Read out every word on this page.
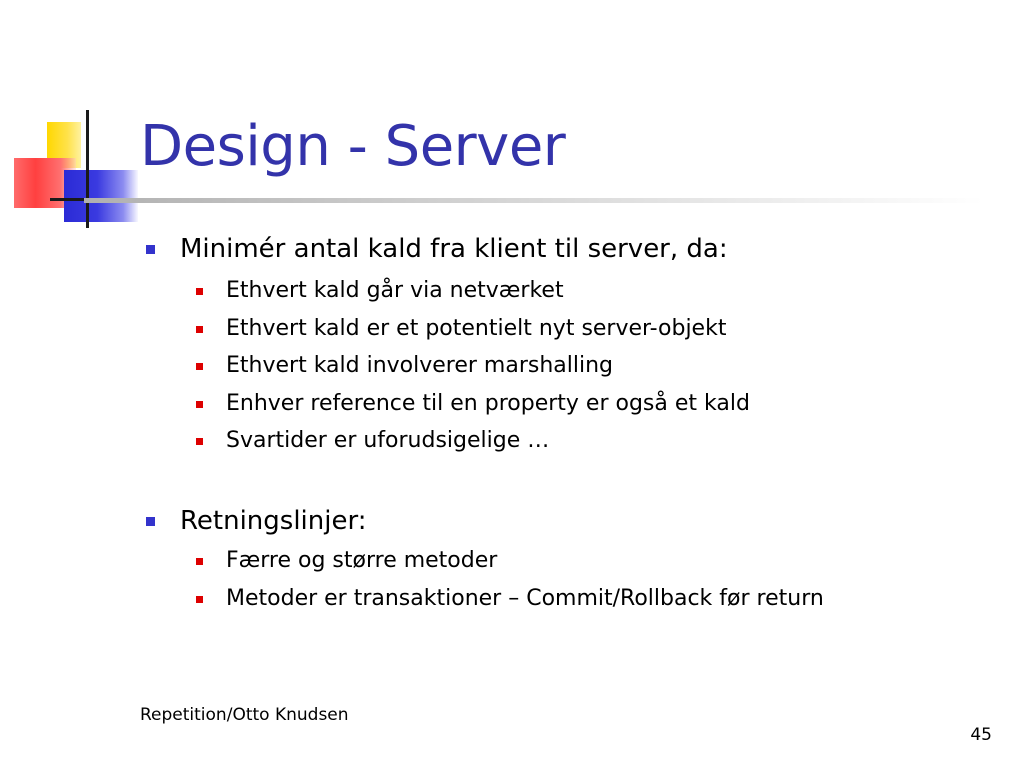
Design - Server
Minimér antal kald fra klient til server, da:
Ethvert kald går via netværket
Ethvert kald er et potentielt nyt server-objekt
Ethvert kald involverer marshalling
Enhver reference til en property er også et kald
Svartider er uforudsigelige …
Retningslinjer:
Færre og større metoder
Metoder er transaktioner – Commit/Rollback før return
Repetition/Otto Knudsen
45
